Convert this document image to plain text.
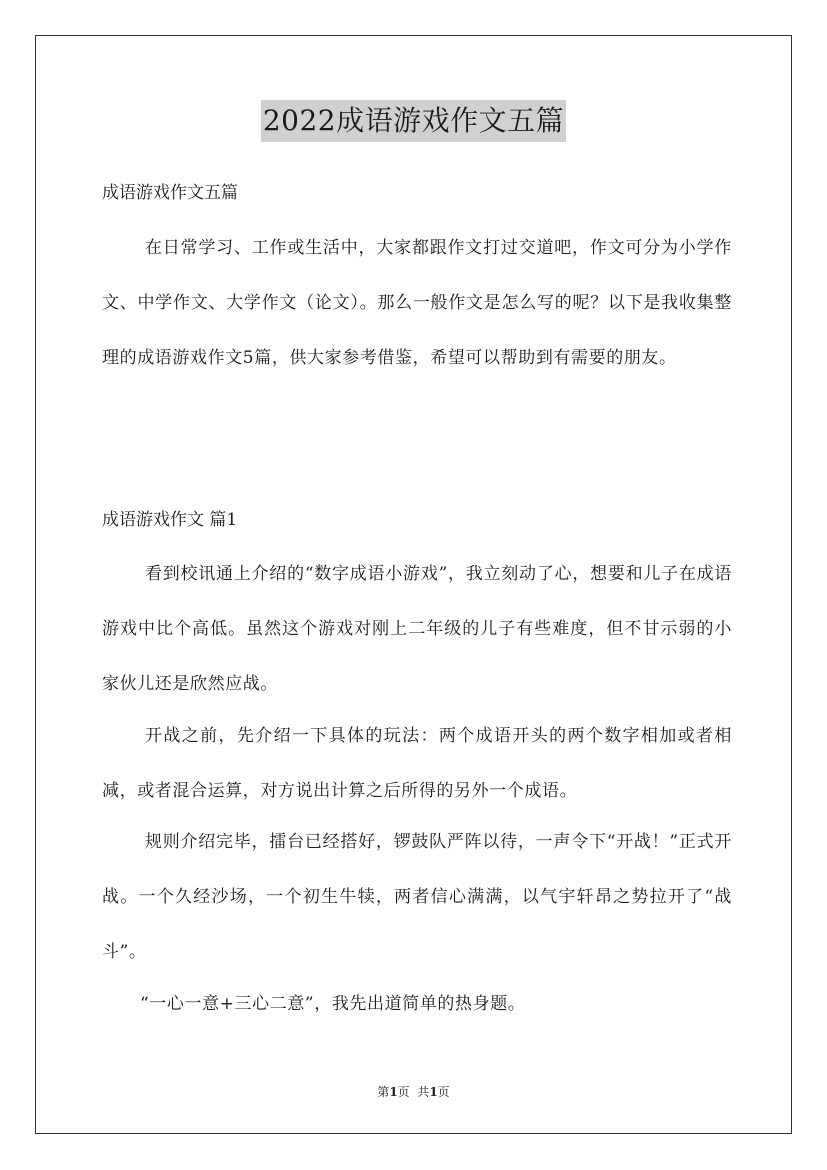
2022成语游戏作文五篇
成语游戏作文五篇

在日常学习、工作或生活中，大家都跟作文打过交道吧，作文可分为小学作文、中学作文、大学作文（论文）。那么一般作文是怎么写的呢？以下是我收集整理的成语游戏作文5篇，供大家参考借鉴，希望可以帮助到有需要的朋友。

成语游戏作文 篇1

看到校讯通上介绍的“数字成语小游戏”，我立刻动了心，想要和儿子在成语游戏中比个高低。虽然这个游戏对刚上二年级的儿子有些难度，但不甘示弱的小家伙儿还是欣然应战。

开战之前，先介绍一下具体的玩法：两个成语开头的两个数字相加或者相减，或者混合运算，对方说出计算之后所得的另外一个成语。

规则介绍完毕，擂台已经搭好，锣鼓队严阵以待，一声令下“开战！”正式开战。一个久经沙场，一个初生牛犊，两者信心满满，以气宇轩昂之势拉开了“战斗”。

“一心一意+三心二意”，我先出道简单的热身题。

第1页  共1页
